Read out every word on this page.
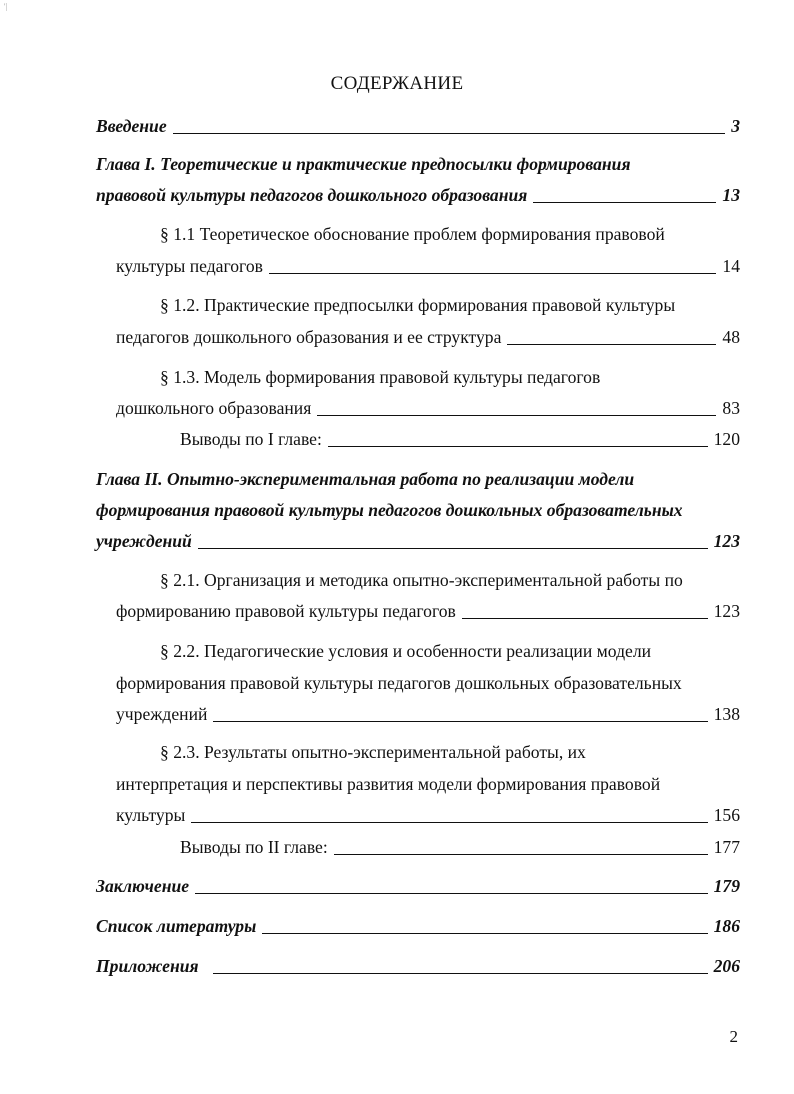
'|
СОДЕРЖАНИЕ
Введение	3
Глава I. Теоретические и практические предпосылки формирования
правовой культуры педагогов дошкольного образования	13
§ 1.1 Теоретическое обоснование проблем формирования правовой
культуры педагогов	14
§ 1.2. Практические предпосылки формирования правовой культуры
педагогов дошкольного образования и ее структура	48
§ 1.3. Модель формирования правовой культуры педагогов
дошкольного образования	83
Выводы по I главе:	120
Глава II. Опытно-экспериментальная работа по реализации модели
формирования правовой культуры педагогов дошкольных образовательных
учреждений	123
§ 2.1. Организация и методика опытно-экспериментальной работы по
формированию правовой культуры педагогов	123
§ 2.2. Педагогические условия и особенности реализации модели
формирования правовой культуры педагогов дошкольных образовательных
учреждений	138
§ 2.3. Результаты опытно-экспериментальной работы, их
интерпретация и перспективы развития модели формирования правовой
культуры	156
Выводы по II главе:	177
Заключение	179
Список литературы	186
Приложения	206
2
